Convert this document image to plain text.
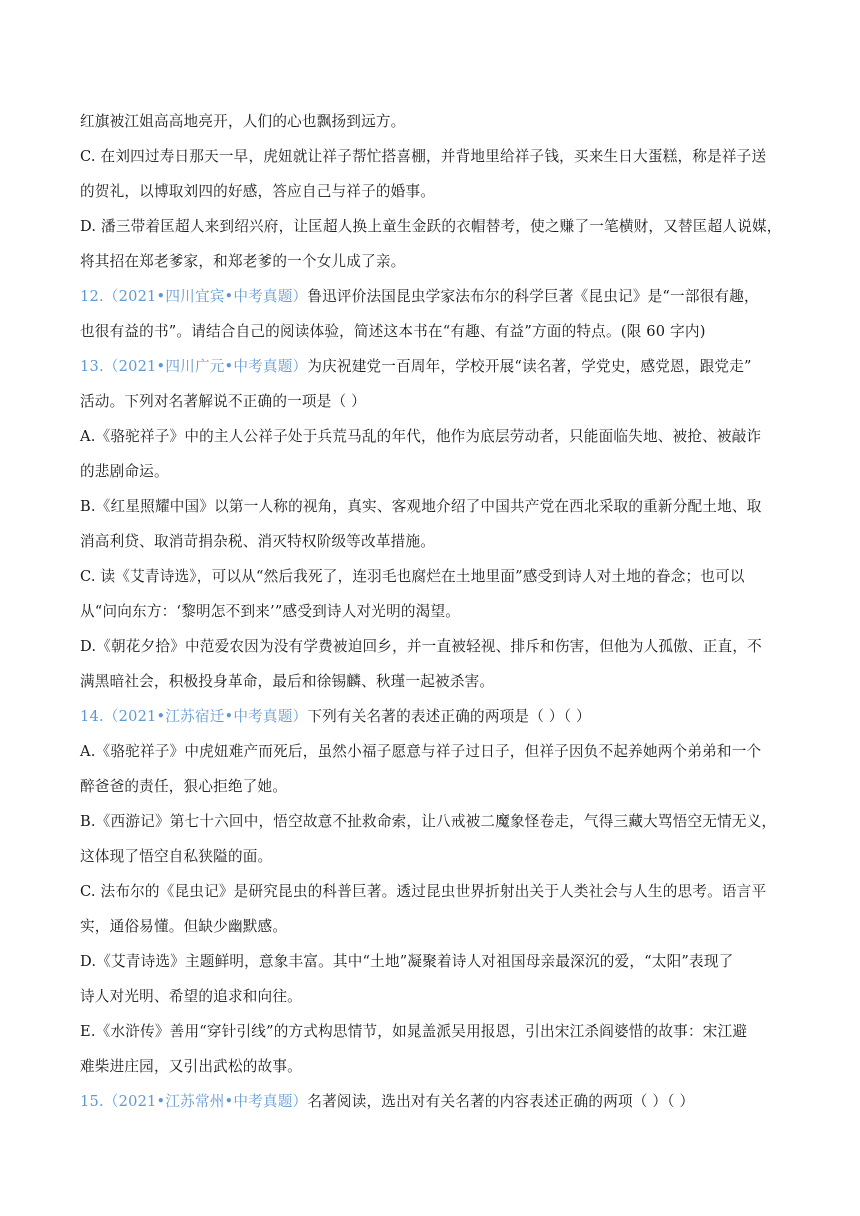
红旗被江姐高高地亮开，人们的心也飘扬到远方。
C. 在刘四过寿日那天一早，虎妞就让祥子帮忙搭喜棚，并背地里给祥子钱，买来生日大蛋糕，称是祥子送
的贺礼，以博取刘四的好感，答应自己与祥子的婚事。
D. 潘三带着匡超人来到绍兴府，让匡超人换上童生金跃的衣帽替考，使之赚了一笔横财，又替匡超人说媒，
将其招在郑老爹家，和郑老爹的一个女儿成了亲。
12.（2021•四川宜宾•中考真题）鲁迅评价法国昆虫学家法布尔的科学巨著《昆虫记》是“一部很有趣，
也很有益的书”。请结合自己的阅读体验，简述这本书在“有趣、有益”方面的特点。(限 60 字内)
13.（2021•四川广元•中考真题）为庆祝建党一百周年，学校开展“读名著，学党史，感党恩，跟党走”
活动。下列对名著解说不正确的一项是（ ）
A.《骆驼祥子》中的主人公祥子处于兵荒马乱的年代，他作为底层劳动者，只能面临失地、被抢、被敲诈
的悲剧命运。
B.《红星照耀中国》以第一人称的视角，真实、客观地介绍了中国共产党在西北采取的重新分配土地、取
消高利贷、取消苛捐杂税、消灭特权阶级等改革措施。
C. 读《艾青诗选》，可以从“然后我死了，连羽毛也腐烂在土地里面”感受到诗人对土地的眷念；也可以
从“问向东方：‘黎明怎不到来’”感受到诗人对光明的渴望。
D.《朝花夕拾》中范爱农因为没有学费被迫回乡，并一直被轻视、排斥和伤害，但他为人孤傲、正直，不
满黑暗社会，积极投身革命，最后和徐锡麟、秋瑾一起被杀害。
14.（2021•江苏宿迁•中考真题）下列有关名著的表述正确的两项是（ ）（ ）
A.《骆驼祥子》中虎妞难产而死后，虽然小福子愿意与祥子过日子，但祥子因负不起养她两个弟弟和一个
醉爸爸的责任，狠心拒绝了她。
B.《西游记》第七十六回中，悟空故意不扯救命索，让八戒被二魔象怪卷走，气得三藏大骂悟空无情无义，
这体现了悟空自私狭隘的面。
C. 法布尔的《昆虫记》是研究昆虫的科普巨著。透过昆虫世界折射出关于人类社会与人生的思考。语言平
实，通俗易懂。但缺少幽默感。
D.《艾青诗选》主题鲜明，意象丰富。其中“土地”凝聚着诗人对祖国母亲最深沉的爱，“太阳”表现了
诗人对光明、希望的追求和向往。
E.《水浒传》善用“穿针引线”的方式构思情节，如晁盖派吴用报恩，引出宋江杀阎婆惜的故事：宋江避
难柴进庄园，又引出武松的故事。
15.（2021•江苏常州•中考真题）名著阅读，选出对有关名著的内容表述正确的两项（ ）（ ）
